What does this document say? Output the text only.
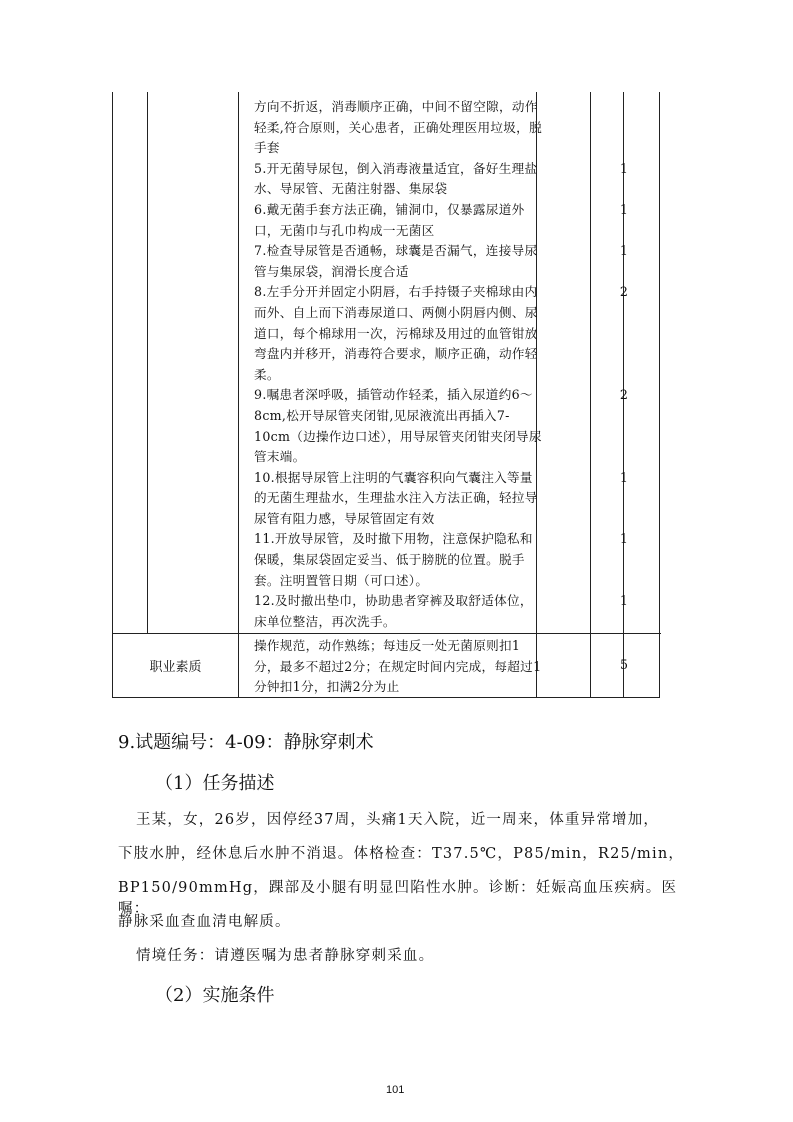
方向不折返，消毒顺序正确，中间不留空隙，动作轻柔,符合原则，关心患者，正确处理医用垃圾，脱手套
5.开无菌导尿包，倒入消毒液量适宜，备好生理盐水、导尿管、无菌注射器、集尿袋
1
6.戴无菌手套方法正确，铺洞巾，仅暴露尿道外口，无菌巾与孔巾构成一无菌区
1
7.检查导尿管是否通畅，球囊是否漏气，连接导尿管与集尿袋，润滑长度合适
1
8.左手分开并固定小阴唇，右手持镊子夹棉球由内而外、自上而下消毒尿道口、两侧小阴唇内侧、尿道口，每个棉球用一次，污棉球及用过的血管钳放弯盘内并移开，消毒符合要求，顺序正确，动作轻柔。
2
9.嘱患者深呼吸，插管动作轻柔，插入尿道约6～8cm,松开导尿管夹闭钳,见尿液流出再插入7-10cm（边操作边口述），用导尿管夹闭钳夹闭导尿管末端。
2
10.根据导尿管上注明的气囊容积向气囊注入等量的无菌生理盐水，生理盐水注入方法正确，轻拉导尿管有阻力感，导尿管固定有效
1
11.开放导尿管，及时撤下用物，注意保护隐私和保暖，集尿袋固定妥当、低于膀胱的位置。脱手套。注明置管日期（可口述）。
1
12.及时撤出垫巾，协助患者穿裤及取舒适体位，床单位整洁，再次洗手。
1
职业素质
操作规范，动作熟练；每违反一处无菌原则扣1分，最多不超过2分；在规定时间内完成，每超过1分钟扣1分，扣满2分为止
5
9.试题编号：4-09：静脉穿刺术
（1）任务描述
王某，女，26岁，因停经37周，头痛1天入院，近一周来，体重异常增加，
下肢水肿，经休息后水肿不消退。体格检查：T37.5℃，P85/min，R25/min，
BP150/90mmHg，踝部及小腿有明显凹陷性水肿。诊断：妊娠高血压疾病。医嘱：
静脉采血查血清电解质。
情境任务：请遵医嘱为患者静脉穿刺采血。
（2）实施条件
101
